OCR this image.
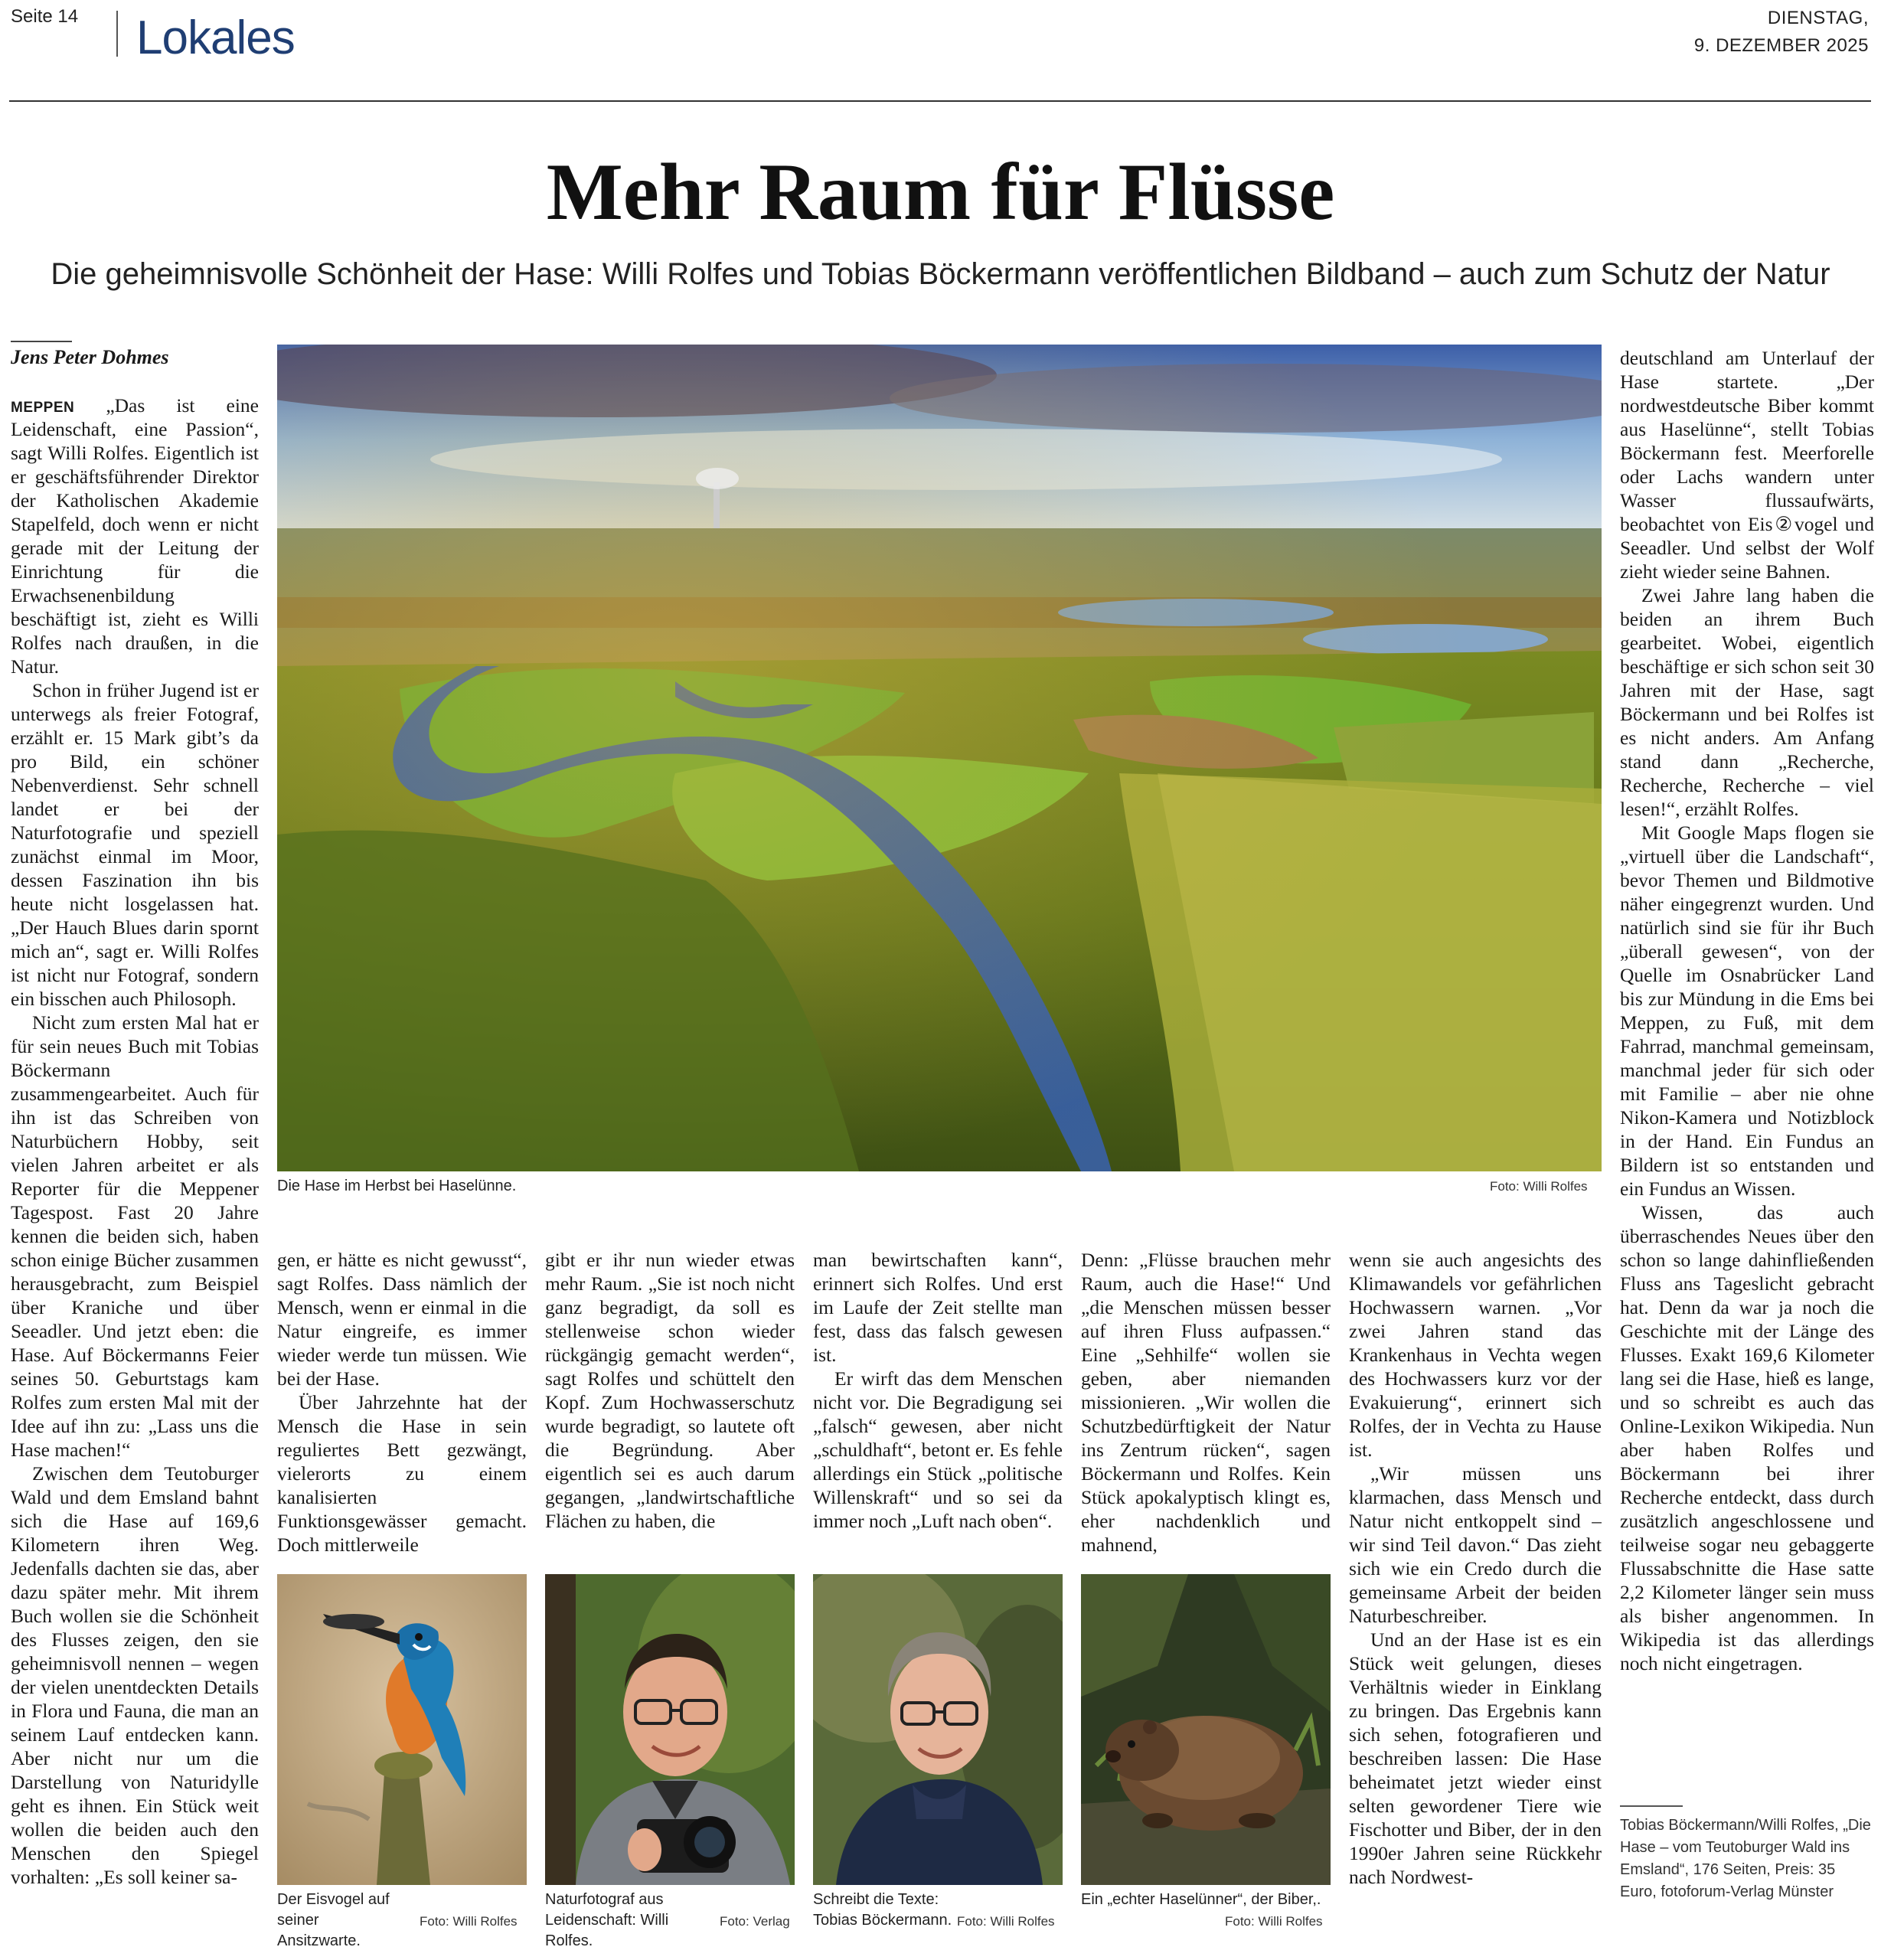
Seite 14 Lokales	DIENSTAG,
9. DEZEMBER 2025
Mehr Raum für Flüsse
Die geheimnisvolle Schönheit der Hase: Willi Rolfes und Tobias Böckermann veröffentlichen Bildband – auch zum Schutz der Natur
Jens Peter Dohmes

MEPPEN „Das ist eine Leidenschaft, eine Passion“, sagt Willi Rolfes. Eigentlich ist er geschäftsführender Direktor der Katholischen Akademie Stapelfeld, doch wenn er nicht gerade mit der Leitung der Einrichtung für die Erwachsenenbildung beschäftigt ist, zieht es Willi Rolfes nach draußen, in die Natur.

Schon in früher Jugend ist er unterwegs als freier Fotograf, erzählt er. 15 Mark gibt’s da pro Bild, ein schöner Nebenverdienst. Sehr schnell landet er bei der Naturfotografie und speziell zunächst einmal im Moor, dessen Faszination ihn bis heute nicht losgelassen hat. „Der Hauch Blues darin spornt mich an“, sagt er. Willi Rolfes ist nicht nur Fotograf, sondern ein bisschen auch Philosoph.

Nicht zum ersten Mal hat er für sein neues Buch mit Tobias Böckermann zusammengearbeitet. Auch für ihn ist das Schreiben von Naturbüchern Hobby, seit vielen Jahren arbeitet er als Reporter für die Meppener Tagespost. Fast 20 Jahre kennen die beiden sich, haben schon einige Bücher zusammen herausgebracht, zum Beispiel über Kraniche und über Seeadler. Und jetzt eben: die Hase. Auf Böckermanns Feier seines 50. Geburtstags kam Rolfes zum ersten Mal mit der Idee auf ihn zu: „Lass uns die Hase machen!“

Zwischen dem Teutoburger Wald und dem Emsland bahnt sich die Hase auf 169,6 Kilometern ihren Weg. Jedenfalls dachten sie das, aber dazu später mehr. Mit ihrem Buch wollen sie die Schönheit des Flusses zeigen, den sie geheimnisvoll nennen – wegen der vielen unentdeckten Details in Flora und Fauna, die man an seinem Lauf entdecken kann. Aber nicht nur um die Darstellung von Naturidylle geht es ihnen. Ein Stück weit wollen die beiden auch den Menschen den Spiegel vorhalten: „Es soll keiner sa-

Die Hase im Herbst bei Haselünne.	Foto: Willi Rolfes

gen, er hätte es nicht gewusst“, sagt Rolfes. Dass nämlich der Mensch, wenn er einmal in die Natur eingreife, es immer wieder werde tun müssen. Wie bei der Hase.

Über Jahrzehnte hat der Mensch die Hase in sein reguliertes Bett gezwängt, vielerorts zu einem kanalisierten Funktionsgewässer gemacht. Doch mittlerweile

gibt er ihr nun wieder etwas mehr Raum. „Sie ist noch nicht ganz begradigt, da soll es stellenweise schon wieder rückgängig gemacht werden“, sagt Rolfes und schüttelt den Kopf. Zum Hochwasserschutz wurde begradigt, so lautete oft die Begründung. Aber eigentlich sei es auch darum gegangen, „landwirtschaftliche Flächen zu haben, die

man bewirtschaften kann“, erinnert sich Rolfes. Und erst im Laufe der Zeit stellte man fest, dass das falsch gewesen ist.

Er wirft das dem Menschen nicht vor. Die Begradigung sei „falsch“ gewesen, aber nicht „schuldhaft“, betont er. Es fehle allerdings ein Stück „politische Willenskraft“ und so sei da immer noch „Luft nach oben“.

Denn: „Flüsse brauchen mehr Raum, auch die Hase!“ Und „die Menschen müssen besser auf ihren Fluss aufpassen.“ Eine „Sehhilfe“ wollen sie geben, aber niemanden missionieren. „Wir wollen die Schutzbedürftigkeit der Natur ins Zentrum rücken“, sagen Böckermann und Rolfes. Kein Stück apokalyptisch klingt es, eher nachdenklich und mahnend,

wenn sie auch angesichts des Klimawandels vor gefährlichen Hochwassern warnen. „Vor zwei Jahren stand das Krankenhaus in Vechta wegen des Hochwassers kurz vor der Evakuierung“, erinnert sich Rolfes, der in Vechta zu Hause ist.

„Wir müssen uns klarmachen, dass Mensch und Natur nicht entkoppelt sind – wir sind Teil davon.“ Das zieht sich wie ein Credo durch die gemeinsame Arbeit der beiden Naturbeschreiber.

Und an der Hase ist es ein Stück weit gelungen, dieses Verhältnis wieder in Einklang zu bringen. Das Ergebnis kann sich sehen, fotografieren und beschreiben lassen: Die Hase beheimatet jetzt wieder einst selten gewordener Tiere wie Fischotter und Biber, der in den 1990er Jahren seine Rückkehr nach Nordwest-

deutschland am Unterlauf der Hase startete. „Der nordwestdeutsche Biber kommt aus Haselünne“, stellt Tobias Böckermann fest. Meerforelle oder Lachs wandern unter Wasser flussaufwärts, beobachtet von Eis②vogel und Seeadler. Und selbst der Wolf zieht wieder seine Bahnen.

Zwei Jahre lang haben die beiden an ihrem Buch gearbeitet. Wobei, eigentlich beschäftige er sich schon seit 30 Jahren mit der Hase, sagt Böckermann und bei Rolfes ist es nicht anders. Am Anfang stand dann „Recherche, Recherche, Recherche – viel lesen!“, erzählt Rolfes.

Mit Google Maps flogen sie „virtuell über die Landschaft“, bevor Themen und Bildmotive näher eingegrenzt wurden. Und natürlich sind sie für ihr Buch „überall gewesen“, von der Quelle im Osnabrücker Land bis zur Mündung in die Ems bei Meppen, zu Fuß, mit dem Fahrrad, manchmal gemeinsam, manchmal jeder für sich oder mit Familie – aber nie ohne Nikon-Kamera und Notizblock in der Hand. Ein Fundus an Bildern ist so entstanden und ein Fundus an Wissen.

Wissen, das auch überraschendes Neues über den schon so lange dahinfließenden Fluss ans Tageslicht gebracht hat. Denn da war ja noch die Geschichte mit der Länge des Flusses. Exakt 169,6 Kilometer lang sei die Hase, hieß es lange, und so schreibt es auch das Online-Lexikon Wikipedia. Nun aber haben Rolfes und Böckermann bei ihrer Recherche entdeckt, dass durch zusätzlich angeschlossene und teilweise sogar neu gebaggerte Flussabschnitte die Hase satte 2,2 Kilometer länger sein muss als bisher angenommen. In Wikipedia ist das allerdings noch nicht eingetragen.

Der Eisvogel auf seiner Ansitzwarte.
Foto: Willi Rolfes
Naturfotograf aus Leidenschaft: Willi Rolfes.
Foto: Verlag
Schreibt die Texte: Tobias Böckermann. Foto: Willi Rolfes
Ein „echter Haselünner“, der Biber,.
Foto: Willi Rolfes
Tobias Böckermann/Willi Rolfes, „Die Hase – vom Teutoburger Wald ins Emsland“, 176 Seiten, Preis: 35 Euro, fotoforum-Verlag Münster
